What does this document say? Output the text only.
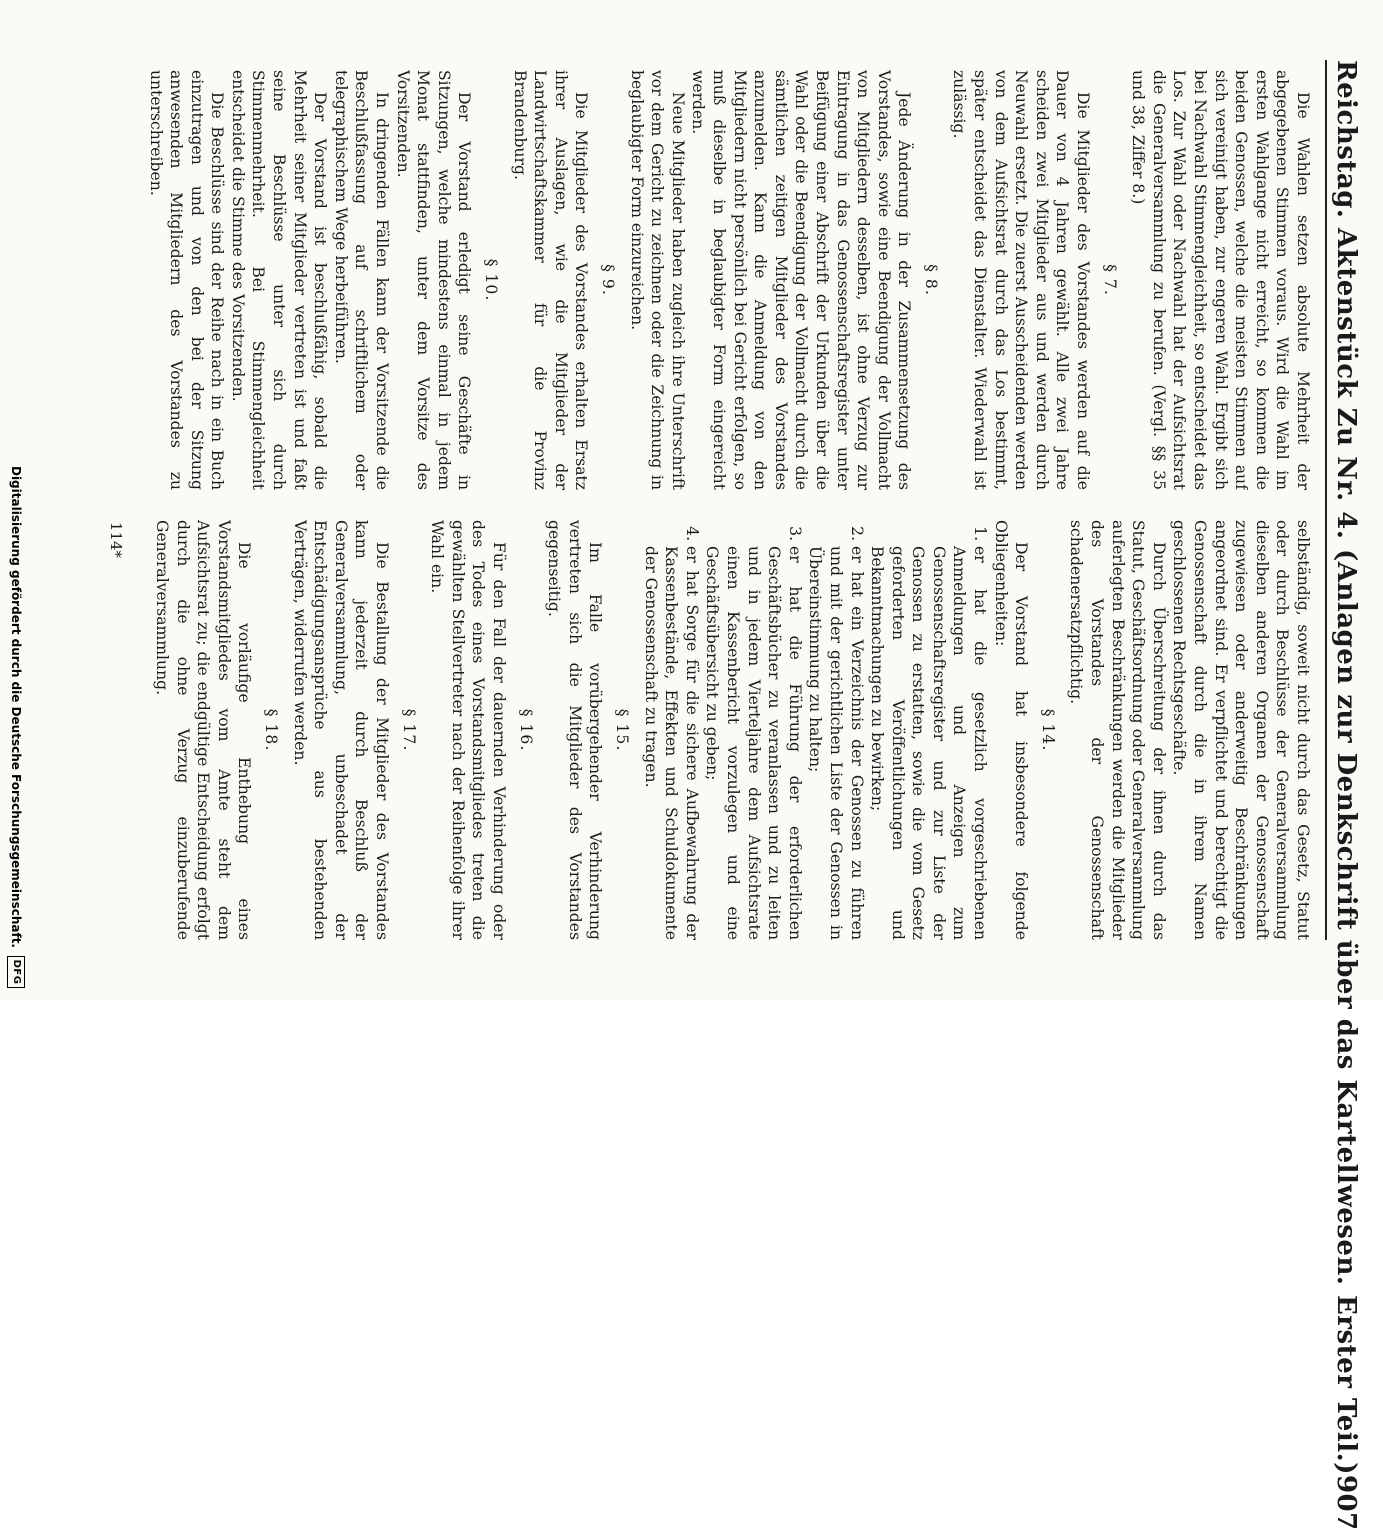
Reichstag. Aktenstück Zu Nr. 4. (Anlagen zur Denkschrift über das Kartellwesen. Erster Teil.)
907

Die Wahlen setzen absolute Mehrheit der abgegebenen Stimmen voraus. Wird die Wahl im ersten Wahlgange nicht erreicht, so kommen die beiden Genossen, welche die meisten Stimmen auf sich vereinigt haben, zur engeren Wahl. Ergibt sich bei Nachwahl Stimmengleichheit, so entscheidet das Los. Zur Wahl oder Nachwahl hat der Aufsichtsrat die Generalversammlung zu berufen. (Vergl. §§ 35 und 38, Ziffer 8.)

§ 7.

Die Mitglieder des Vorstandes werden auf die Dauer von 4 Jahren gewählt. Alle zwei Jahre scheiden zwei Mitglieder aus und werden durch Neuwahl ersetzt. Die zuerst Ausscheidenden werden von dem Aufsichtsrat durch das Los bestimmt, später entscheidet das Dienstalter. Wiederwahl ist zulässig.

§ 8.

Jede Änderung in der Zusammensetzung des Vorstandes, sowie eine Beendigung der Vollmacht von Mitgliedern desselben, ist ohne Verzug zur Eintragung in das Genossenschaftsregister unter Beifügung einer Abschrift der Urkunden über die Wahl oder die Beendigung der Vollmacht durch die sämtlichen zeitigen Mitglieder des Vorstandes anzumelden. Kann die Anmeldung von den Mitgliedern nicht persönlich bei Gericht erfolgen, so muß dieselbe in beglaubigter Form eingereicht werden.

Neue Mitglieder haben zugleich ihre Unterschrift vor dem Gericht zu zeichnen oder die Zeichnung in beglaubigter Form einzureichen.

§ 9.

Die Mitglieder des Vorstandes erhalten Ersatz ihrer Auslagen, wie die Mitglieder der Landwirtschaftskammer für die Provinz Brandenburg.

§ 10.

Der Vorstand erledigt seine Geschäfte in Sitzungen, welche mindestens einmal in jedem Monat stattfinden, unter dem Vorsitze des Vorsitzenden.

In dringenden Fällen kann der Vorsitzende die Beschlußfassung auf schriftlichem oder telegraphischem Wege herbeiführen.

Der Vorstand ist beschlußfähig, sobald die Mehrheit seiner Mitglieder vertreten ist und faßt seine Beschlüsse unter sich durch Stimmenmehrheit. Bei Stimmengleichheit entscheidet die Stimme des Vorsitzenden.

Die Beschlüsse sind der Reihe nach in ein Buch einzutragen und von den bei der Sitzung anwesenden Mitgliedern des Vorstandes zu unterschreiben.

selbständig, soweit nicht durch das Gesetz, Statut oder durch Beschlüsse der Generalversammlung dieselben anderen Organen der Genossenschaft zugewiesen oder anderweitig Beschränkungen angeordnet sind. Er verpflichtet und berechtigt die Genossenschaft durch die in ihrem Namen geschlossenen Rechtsgeschäfte.

Durch Überschreitung der ihnen durch das Statut, Geschäftsordnung oder Generalversammlung auferlegten Beschränkungen werden die Mitglieder des Vorstandes der Genossenschaft schadenersatzpflichtig.

§ 14.

Der Vorstand hat insbesondere folgende Obliegenheiten:

1. er hat die gesetzlich vorgeschriebenen Anmeldungen und Anzeigen zum Genossenschaftsregister und zur Liste der Genossen zu erstatten, sowie die vom Gesetz geforderten Veröffentlichungen und Bekanntmachungen zu bewirken;
2. er hat ein Verzeichnis der Genossen zu führen und mit der gerichtlichen Liste der Genossen in Übereinstimmung zu halten;
3. er hat die Führung der erforderlichen Geschäftsbücher zu veranlassen und zu leiten und in jedem Vierteljahre dem Aufsichtsrate einen Kassenbericht vorzulegen und eine Geschäftsübersicht zu geben;
4. er hat Sorge für die sichere Aufbewahrung der Kassenbestände, Effekten und Schuldokumente der Genossenschaft zu tragen.

§ 15.

Im Falle vorübergehender Verhinderung vertreten sich die Mitglieder des Vorstandes gegenseitig.

§ 16.

Für den Fall der dauernden Verhinderung oder des Todes eines Vorstandsmitgliedes treten die gewählten Stellvertreter nach der Reihenfolge ihrer Wahl ein.

§ 17.

Die Bestallung der Mitglieder des Vorstandes kann jederzeit durch Beschluß der Generalversammlung, unbeschadet der Entschädigungsansprüche aus bestehenden Verträgen, widerrufen werden.

§ 18.

Die vorläufige Enthebung eines Vorstandsmitgliedes vom Amte steht dem Aufsichtsrat zu; die endgültige Entscheidung erfolgt durch die ohne Verzug einzuberufende Generalversammlung.

114*
Digitalisierung gefördert durch die Deutsche Forschungsgemeinschaft.
DFG
